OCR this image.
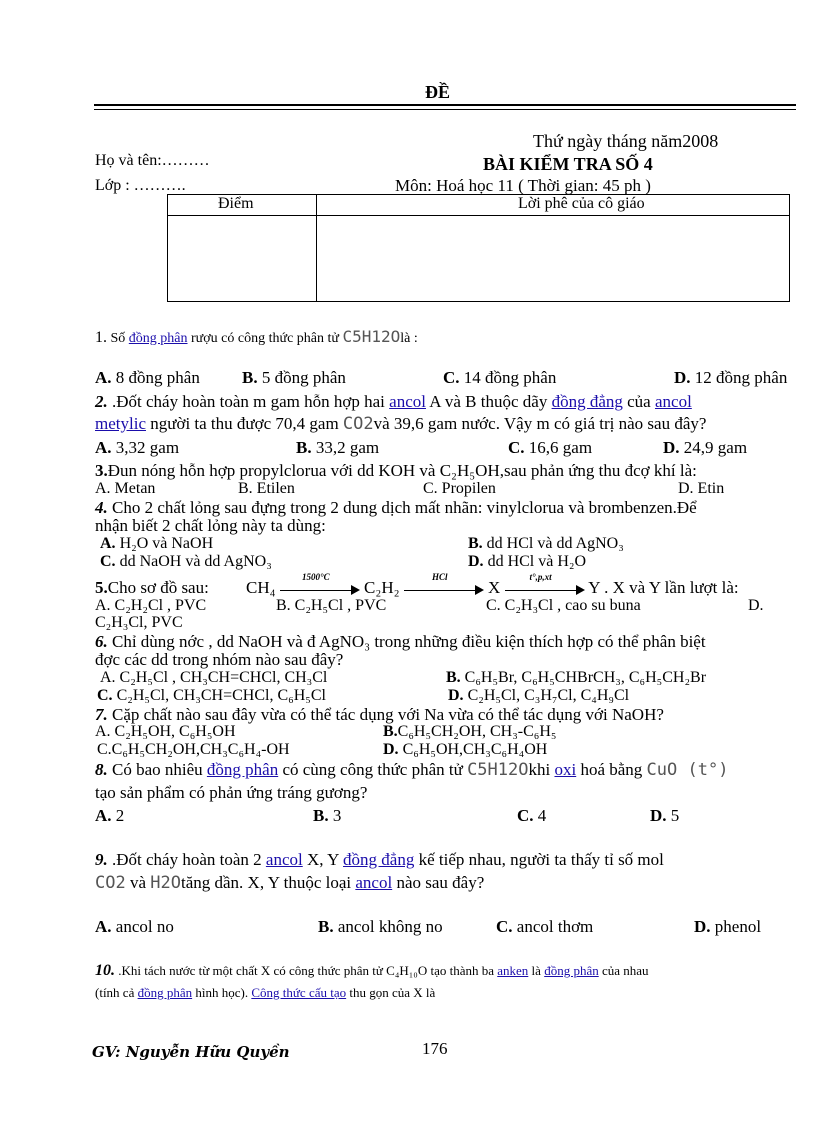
ĐỀ
Thứ ngày tháng năm2008
Họ và tên:………	BÀI KIỂM TRA SỐ 4
Lớp : ……….	Môn: Hoá học 11 ( Thời gian: 45 ph )
Điểm	Lời phê của cô giáo
1. Số đồng phân rượu có công thức phân tử C5H12Olà :
A. 8 đồng phân B. 5 đồng phân	C. 14 đồng phân	D. 12 đồng phân
2. .Đốt cháy hoàn toàn m gam hỗn hợp hai ancol A và B thuộc dãy đồng đẳng của ancol
metylic người ta thu được 70,4 gam CO2và 39,6 gam nước. Vậy m có giá trị nào sau đây?
A. 3,32 gam	B. 33,2 gam	C. 16,6 gam	D. 24,9 gam
3.Đun nóng hỗn hợp propylclorua với dd KOH và C₂H₅OH,sau phản ứng thu đcợ khí là:
A. Metan	B. Etilen	C. Propilen	D. Etin
4. Cho 2 chất lỏng sau đựng trong 2 dung dịch mất nhãn: vinylclorua và brombenzen.Để
nhận biết 2 chất lỏng này ta dùng:
A. H₂O và NaOH	B. dd HCl và dd AgNO₃
C. dd NaOH và dd AgNO₃	D. dd HCl và H₂O
5.Cho sơ đồ sau: CH₄
1500°C
C₂H₂
HCl
X
t°,p,xt
Y . X và Y lần lượt là:
A. C₂H₂Cl , PVC	B. C₂H₅Cl , PVC	C. C₂H₃Cl , cao su buna	D.
C₂H₃Cl, PVC
6. Chỉ dùng nớc , dd NaOH và đ AgNO₃ trong những điều kiện thích hợp có thể phân biệt
đợc các dd trong nhóm nào sau đây?
A. C₂H₅Cl , CH₃CH=CHCl, CH₃Cl	B. C₆H₅Br, C₆H₅CHBrCH₃, C₆H₅CH₂Br
C. C₂H₅Cl, CH₃CH=CHCl, C₆H₅Cl	D. C₂H₅Cl, C₃H₇Cl, C₄H₉Cl
7. Cặp chất nào sau đây vừa có thể tác dụng với Na vừa có thể tác dụng với NaOH?
A. C₂H₅OH, C₆H₅OH	B.C₆H₅CH₂OH, CH₃-C₆H₅
C.C₆H₅CH₂OH,CH₃C₆H₄-OH	D. C₆H₅OH,CH₃C₆H₄OH
8. Có bao nhiêu đồng phân có cùng công thức phân tử C5H12Okhi oxi hoá bằng CuO (t°)
tạo sản phẩm có phản ứng tráng gương?
A. 2	B. 3	C. 4	D. 5
9. .Đốt cháy hoàn toàn 2 ancol X, Y đồng đẳng kế tiếp nhau, người ta thấy tỉ số mol
CO2 và H2Otăng dần. X, Y thuộc loại ancol nào sau đây?
A. ancol no	B. ancol không no	C. ancol thơm	D. phenol
10. .Khi tách nước từ một chất X có công thức phân tử C₄H₁₀O tạo thành ba anken là đồng phân của nhau
(tính cả đồng phân hình học). Công thức cấu tạo thu gọn của X là
GV: Nguyễn Hữu Quyền	176
